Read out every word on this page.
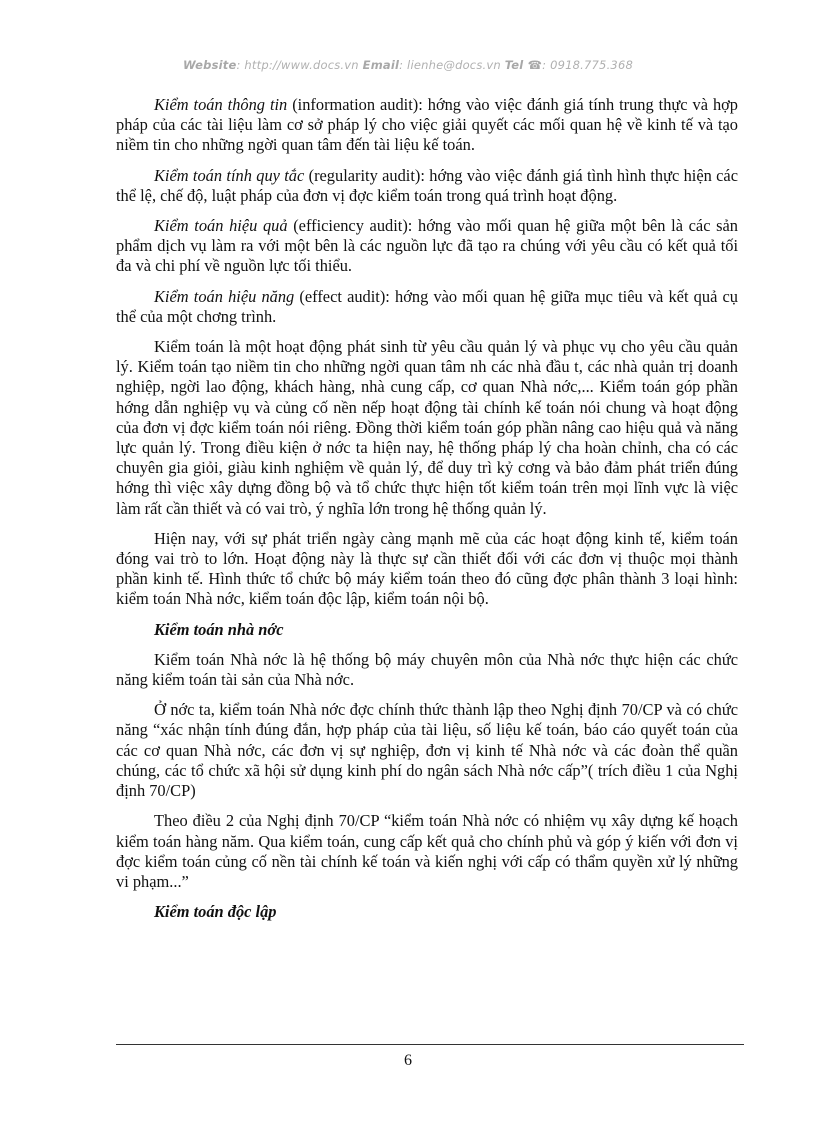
Website: http://www.docs.vn Email: lienhe@docs.vn Tel ☎: 0918.775.368

Kiểm toán thông tin (information audit): hớng vào việc đánh giá tính trung thực và hợp pháp của các tài liệu làm cơ sở pháp lý cho việc giải quyết các mối quan hệ về kinh tế và tạo niềm tin cho những ngời quan tâm đến tài liệu kế toán.

Kiểm toán tính quy tắc (regularity audit): hớng vào việc đánh giá tình hình thực hiện các thể lệ, chế độ, luật pháp của đơn vị đợc kiểm toán trong quá trình hoạt động.

Kiểm toán hiệu quả (efficiency audit): hớng vào mối quan hệ giữa một bên là các sản phẩm dịch vụ làm ra với một bên là các nguồn lực đã tạo ra chúng với yêu cầu có kết quả tối đa và chi phí về nguồn lực tối thiểu.

Kiểm toán hiệu năng (effect audit): hớng vào mối quan hệ giữa mục tiêu và kết quả cụ thể của một chơng trình.

Kiểm toán là một hoạt động phát sinh từ yêu cầu quản lý và phục vụ cho yêu cầu quản lý. Kiểm toán tạo niềm tin cho những ngời quan tâm nh các nhà đầu t, các nhà quản trị doanh nghiệp, ngời lao động, khách hàng, nhà cung cấp, cơ quan Nhà nớc,... Kiểm toán góp phần hớng dẫn nghiệp vụ và củng cố nền nếp hoạt động tài chính kế toán nói chung và hoạt động của đơn vị đợc kiểm toán nói riêng. Đồng thời kiểm toán góp phần nâng cao hiệu quả và năng lực quản lý. Trong điều kiện ở nớc ta hiện nay, hệ thống pháp lý cha hoàn chỉnh, cha có các chuyên gia giỏi, giàu kinh nghiệm về quản lý, để duy trì kỷ cơng và bảo đảm phát triển đúng hớng thì việc xây dựng đồng bộ và tổ chức thực hiện tốt kiểm toán trên mọi lĩnh vực là việc làm rất cần thiết và có vai trò, ý nghĩa lớn trong hệ thống quản lý.

Hiện nay, với sự phát triển ngày càng mạnh mẽ của các hoạt động kinh tế, kiểm toán đóng vai trò to lớn. Hoạt động này là thực sự cần thiết đối với các đơn vị thuộc mọi thành phần kinh tế. Hình thức tổ chức bộ máy kiểm toán theo đó cũng đợc phân thành 3 loại hình: kiểm toán Nhà nớc, kiểm toán độc lập, kiểm toán nội bộ.

Kiểm toán nhà nớc

Kiểm toán Nhà nớc là hệ thống bộ máy chuyên môn của Nhà nớc thực hiện các chức năng kiểm toán tài sản của Nhà nớc.

Ở nớc ta, kiểm toán Nhà nớc đợc chính thức thành lập theo Nghị định 70/CP và có chức năng “xác nhận tính đúng đắn, hợp pháp của tài liệu, số liệu kế toán, báo cáo quyết toán của các cơ quan Nhà nớc, các đơn vị sự nghiệp, đơn vị kinh tế Nhà nớc và các đoàn thể quần chúng, các tổ chức xã hội sử dụng kinh phí do ngân sách Nhà nớc cấp”( trích điều 1 của Nghị định 70/CP)

Theo điều 2 của Nghị định 70/CP “kiểm toán Nhà nớc có nhiệm vụ xây dựng kế hoạch kiểm toán hàng năm. Qua kiểm toán, cung cấp kết quả cho chính phủ và góp ý kiến với đơn vị đợc kiểm toán củng cố nền tài chính kế toán và kiến nghị với cấp có thẩm quyền xử lý những vi phạm...”

Kiểm toán độc lập

6
